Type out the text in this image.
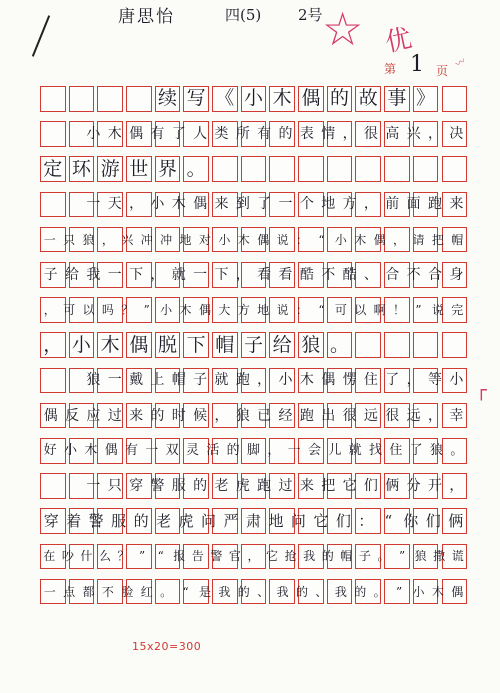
唐思怡	四(5) 2号 ☆ 优
第 1 页
〰
续 写 《 小 木 偶 的 故 事 》
小 木 偶 有 了 人 类 所 有 的 表 情 ， 很 高 兴 ， 决
定 环 游 世 界 。
一 天 ， 小 木 偶 来 到 了 一 个 地 方 ， 前 面 跑 来
一 只 狼 ， 兴 冲 冲 地 对 小 木 偶 说 ： “ 小 木 偶 ， 请 把 帽
子 给 我 一 下 ， 就 一 下 ， 看 看 酷 不 酷 、 合 不 合 身
， 可 以 吗 ？ ” 小 木 偶 大 方 地 说 ： “ 可 以 啊 ！ ” 说 完
， 小 木 偶 脱 下 帽 子 给 狼 。
狼 一 戴 上 帽 子 就 跑 ， 小 木 偶 愣 住 了 ， 等 小
偶 反 应 过 来 的 时 候 ， 狼 已 经 跑 出 很 远 很 远 ， 幸
好 小 木 偶 有 一 双 灵 活 的 脚 ， 一 会 儿 就 找 住 了 狼 。
一 只 穿 警 服 的 老 虎 跑 过 来 把 它 们 俩 分 开 ，
穿 着 警 服 的 老 虎 问 严 肃 地 问 它 们 ： “ 你 们 俩
在 吵 什 么 ？ ”	“ 报 告 警 官 ， 它 抢 我 的 帽 子 。 ” 狼 撒 谎
一 点 都 不 脸 红 。 “ 是 我 的 、 我 的 、 我 的 。 ” 小 木 偶
┌
15x20=300
